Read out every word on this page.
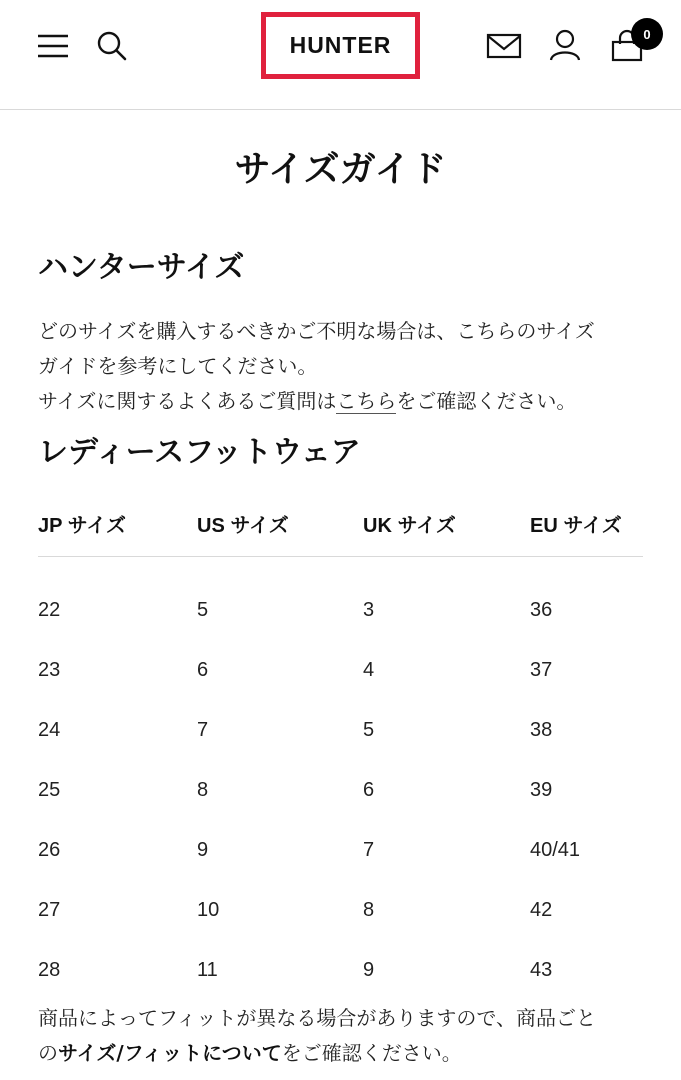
HUNTER	0
サイズガイド
ハンターサイズ

どのサイズを購入するべきかご不明な場合は、こちらのサイズ

ガイドを参考にしてください。

サイズに関するよくあるご質問はこちらをご確認ください。

レディースフットウェア
JP サイズ	US サイズ	UK サイズ	EU サイズ
22	5	3	36
23	6	4	37
24	7	5	38
25	8	6	39
26	9	7	40/41
27	10	8	42
28	11	9	43

商品によってフィットが異なる場合がありますので、商品ごと

のサイズ/フィットについてをご確認ください。
